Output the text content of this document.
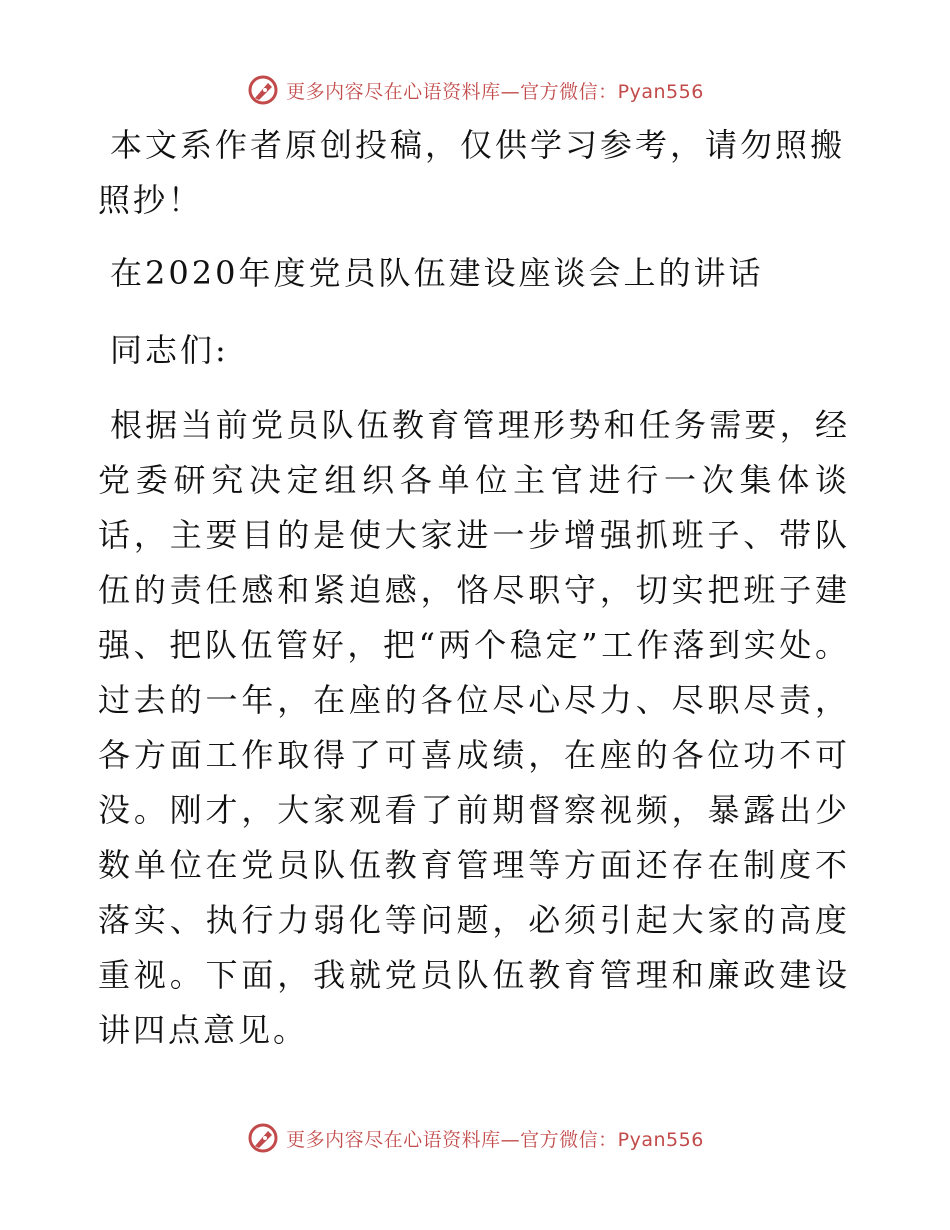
更多内容尽在心语资料库—官方微信：Pyan556

本文系作者原创投稿，仅供学习参考，请勿照搬照抄！

在2020年度党员队伍建设座谈会上的讲话

同志们:

根据当前党员队伍教育管理形势和任务需要，经党委研究决定组织各单位主官进行一次集体谈话，主要目的是使大家进一步增强抓班子、带队伍的责任感和紧迫感，恪尽职守，切实把班子建强、把队伍管好，把“两个稳定”工作落到实处。过去的一年，在座的各位尽心尽力、尽职尽责，各方面工作取得了可喜成绩，在座的各位功不可没。刚才，大家观看了前期督察视频，暴露出少数单位在党员队伍教育管理等方面还存在制度不落实、执行力弱化等问题，必须引起大家的高度重视。下面，我就党员队伍教育管理和廉政建设讲四点意见。

更多内容尽在心语资料库—官方微信：Pyan556
